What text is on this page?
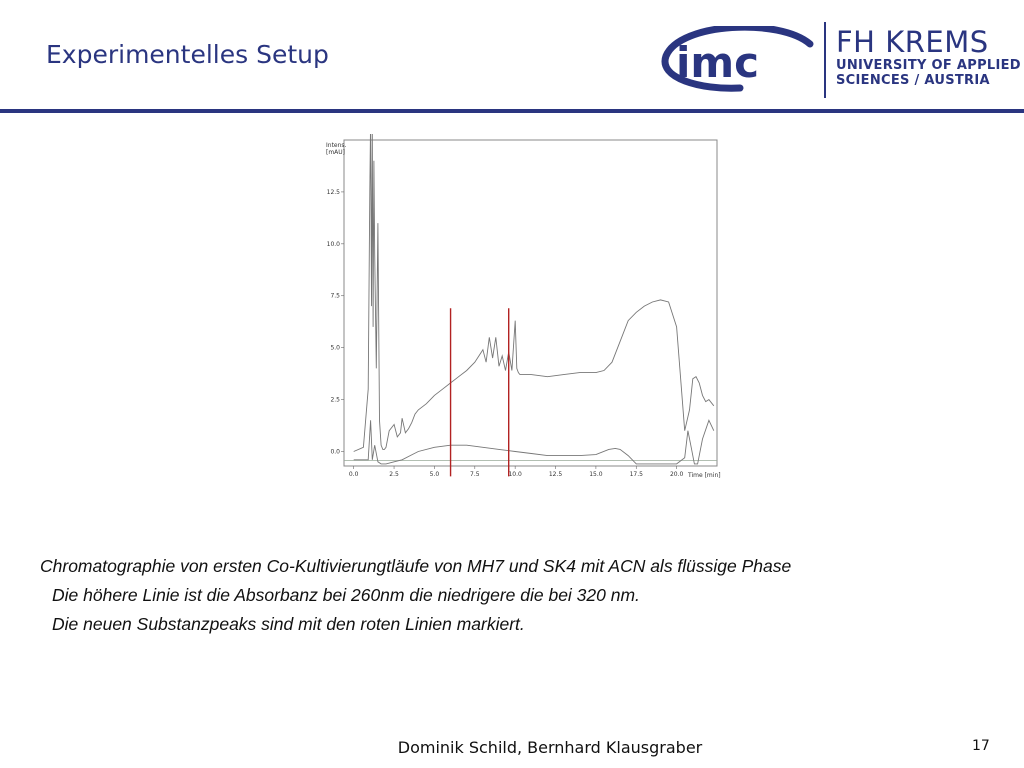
Experimentelles Setup	imc	FH KREMS
UNIVERSITY OF APPLIED
SCIENCES / AUSTRIA
Intens.
[mAU]
Time [min]
0.0	2.5	5.0	7.5	10.0	12.5	15.0	17.5	20.0
0.0
2.5
5.0
7.5
10.0
12.5
Chromatographie von ersten Co-Kultivierungtläufe von MH7 und SK4 mit ACN als flüssige Phase
Die höhere Linie ist die Absorbanz bei 260nm die niedrigere die bei 320 nm.
Die neuen Substanzpeaks sind mit den roten Linien markiert.
Dominik Schild, Bernhard Klausgraber	17
